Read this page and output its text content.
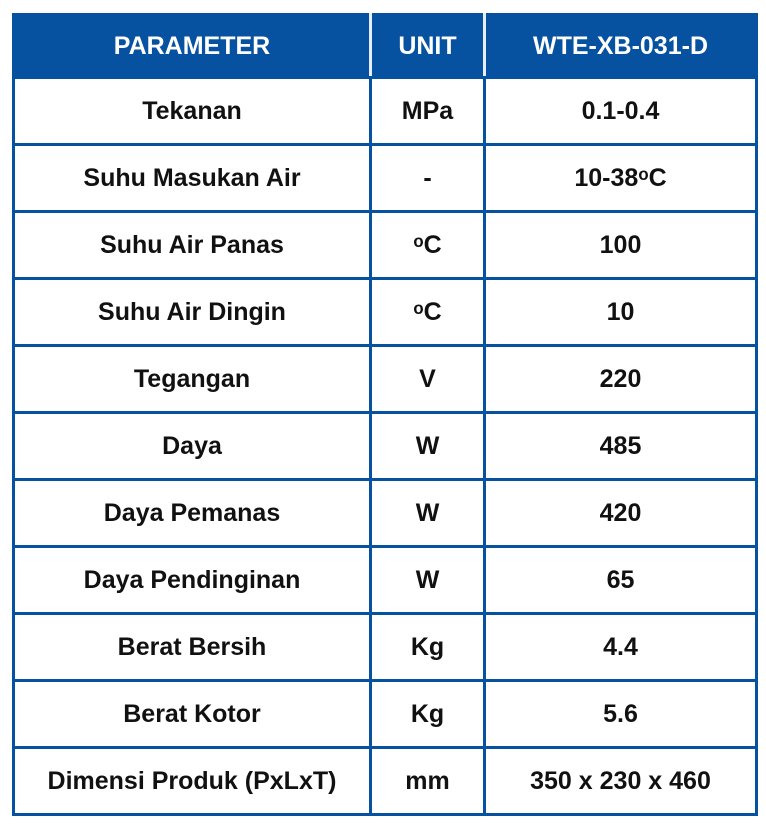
PARAMETER	UNIT	WTE-XB-031-D
Tekanan	MPa	0.1-0.4
Suhu Masukan Air	-	10-38ᵒC
Suhu Air Panas	ᵒC	100
Suhu Air Dingin	ᵒC	10
Tegangan	V	220
Daya	W	485
Daya Pemanas	W	420
Daya Pendinginan	W	65
Berat Bersih	Kg	4.4
Berat Kotor	Kg	5.6
Dimensi Produk (PxLxT)	mm	350 x 230 x 460
